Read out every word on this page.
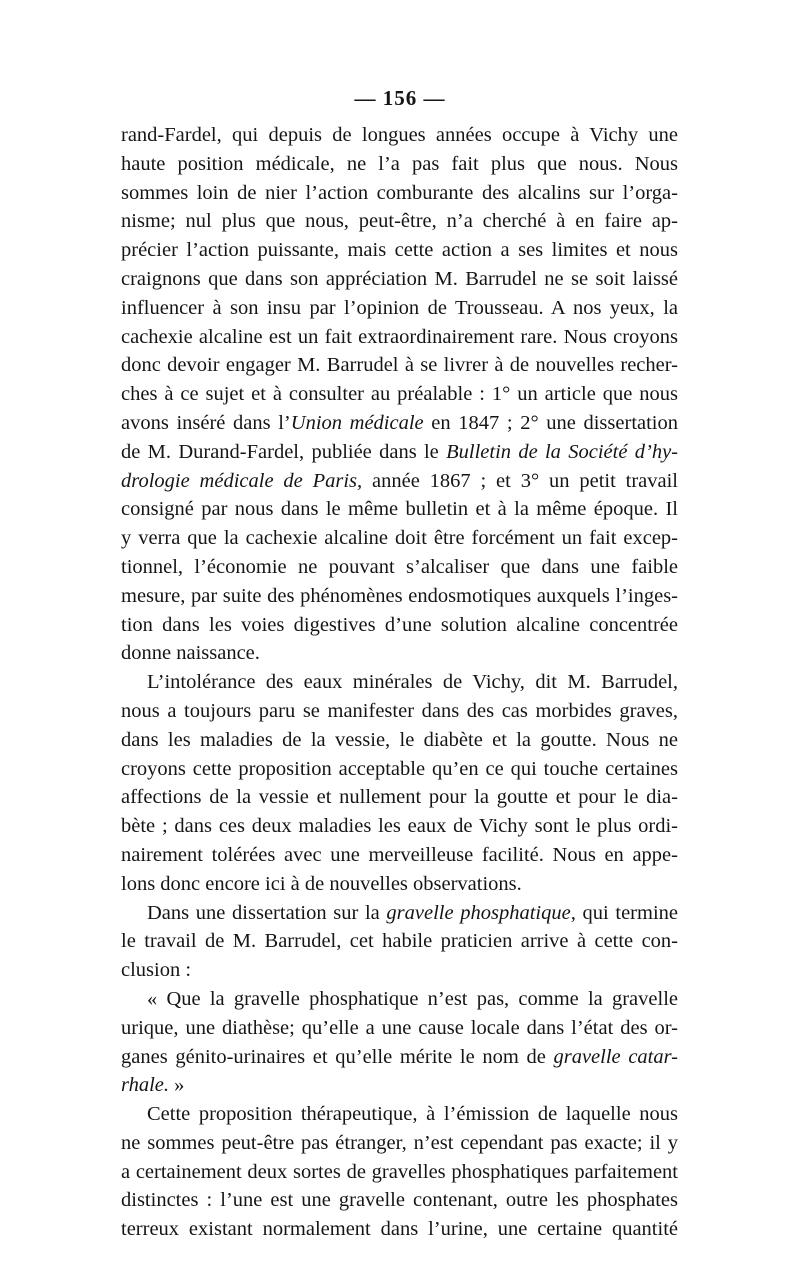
— 156 —
rand-Fardel, qui depuis de longues années occupe à Vichy une
haute position médicale, ne l’a pas fait plus que nous. Nous
sommes loin de nier l’action comburante des alcalins sur l’orga-
nisme; nul plus que nous, peut-être, n’a cherché à en faire ap-
précier l’action puissante, mais cette action a ses limites et nous
craignons que dans son appréciation M. Barrudel ne se soit laissé
influencer à son insu par l’opinion de Trousseau. A nos yeux, la
cachexie alcaline est un fait extraordinairement rare. Nous croyons
donc devoir engager M. Barrudel à se livrer à de nouvelles recher-
ches à ce sujet et à consulter au préalable : 1° un article que nous
avons inséré dans l’Union médicale en 1847 ; 2° une dissertation
de M. Durand-Fardel, publiée dans le Bulletin de la Société d’hy-
drologie médicale de Paris, année 1867 ; et 3° un petit travail
consigné par nous dans le même bulletin et à la même époque. Il
y verra que la cachexie alcaline doit être forcément un fait excep-
tionnel, l’économie ne pouvant s’alcaliser que dans une faible
mesure, par suite des phénomènes endosmotiques auxquels l’inges-
tion dans les voies digestives d’une solution alcaline concentrée
donne naissance.
L’intolérance des eaux minérales de Vichy, dit M. Barrudel,
nous a toujours paru se manifester dans des cas morbides graves,
dans les maladies de la vessie, le diabète et la goutte. Nous ne
croyons cette proposition acceptable qu’en ce qui touche certaines
affections de la vessie et nullement pour la goutte et pour le dia-
bète ; dans ces deux maladies les eaux de Vichy sont le plus ordi-
nairement tolérées avec une merveilleuse facilité. Nous en appe-
lons donc encore ici à de nouvelles observations.
Dans une dissertation sur la gravelle phosphatique, qui termine
le travail de M. Barrudel, cet habile praticien arrive à cette con-
clusion :
« Que la gravelle phosphatique n’est pas, comme la gravelle
urique, une diathèse; qu’elle a une cause locale dans l’état des or-
ganes génito-urinaires et qu’elle mérite le nom de gravelle catar-
rhale. »
Cette proposition thérapeutique, à l’émission de laquelle nous
ne sommes peut-être pas étranger, n’est cependant pas exacte; il y
a certainement deux sortes de gravelles phosphatiques parfaitement
distinctes : l’une est une gravelle contenant, outre les phosphates
terreux existant normalement dans l’urine, une certaine quantité
